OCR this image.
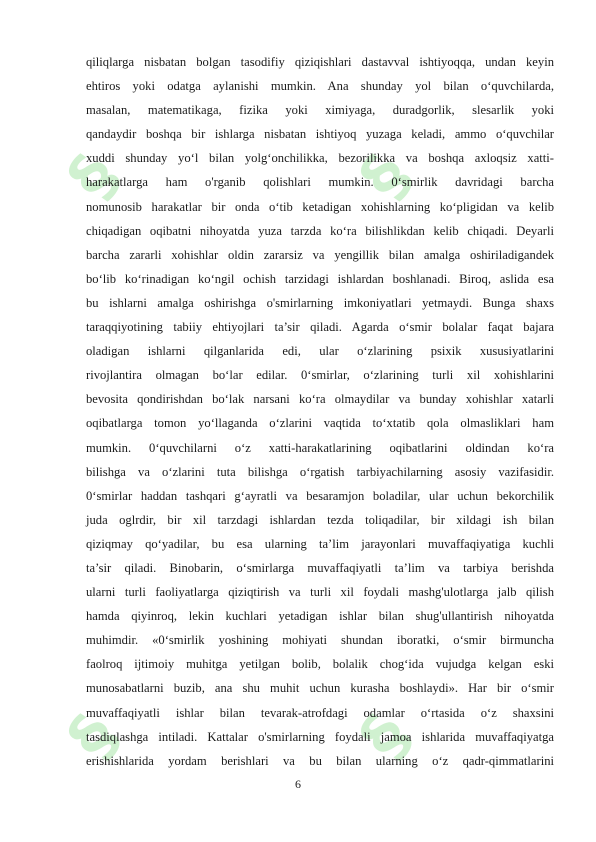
§	§
§	§
qiliqlarga nisbatan bolgan tasodifiy qiziqishlari dastavval ishtiyoqqa, undan keyin
ehtiros yoki odatga aylanishi mumkin. Ana shunday yol bilan o‘quvchilarda,
masalan, matematikaga, fizika yoki ximiyaga, duradgorlik, slesarlik yoki
qandaydir boshqa bir ishlarga nisbatan ishtiyoq yuzaga keladi, ammo o‘quvchilar
xuddi shunday yo‘l bilan yolg‘onchilikka, bezorilikka va boshqa axloqsiz xatti-
harakatlarga ham o'rganib qolishlari mumkin. 0‘smirlik davridagi barcha
nomunosib harakatlar bir onda o‘tib ketadigan xohishlarning ko‘pligidan va kelib
chiqadigan oqibatni nihoyatda yuza tarzda ko‘ra bilishlikdan kelib chiqadi. Deyarli
barcha zararli xohishlar oldin zararsiz va yengillik bilan amalga oshiriladigandek
bo‘lib ko‘rinadigan ko‘ngil ochish tarzidagi ishlardan boshlanadi. Biroq, aslida esa
bu ishlarni amalga oshirishga o'smirlarning imkoniyatlari yetmaydi. Bunga shaxs
taraqqiyotining tabiiy ehtiyojlari ta’sir qiladi. Agarda o‘smir bolalar faqat bajara
oladigan ishlarni qilganlarida edi, ular o‘zlarining psixik xususiyatlarini
rivojlantira olmagan bo‘lar edilar. 0‘smirlar, o‘zlarining turli xil xohishlarini
bevosita qondirishdan bo‘lak narsani ko‘ra olmaydilar va bunday xohishlar xatarli
oqibatlarga tomon yo‘llaganda o‘zlarini vaqtida to‘xtatib qola olmasliklari ham
mumkin. 0‘quvchilarni o‘z xatti-harakatlarining oqibatlarini oldindan ko‘ra
bilishga va o‘zlarini tuta bilishga o‘rgatish tarbiyachilarning asosiy vazifasidir.
0‘smirlar haddan tashqari g‘ayratli va besaramjon boladilar, ular uchun bekorchilik
juda oglrdir, bir xil tarzdagi ishlardan tezda toliqadilar, bir xildagi ish bilan
qiziqmay qo‘yadilar, bu esa ularning ta’lim jarayonlari muvaffaqiyatiga kuchli
ta’sir qiladi. Binobarin, o‘smirlarga muvaffaqiyatli ta’lim va tarbiya berishda
ularni turli faoliyatlarga qiziqtirish va turli xil foydali mashg'ulotlarga jalb qilish
hamda qiyinroq, lekin kuchlari yetadigan ishlar bilan shug'ullantirish nihoyatda
muhimdir. «0‘smirlik yoshining mohiyati shundan iboratki, o‘smir birmuncha
faolroq ijtimoiy muhitga yetilgan bolib, bolalik chog‘ida vujudga kelgan eski
munosabatlarni buzib, ana shu muhit uchun kurasha boshlaydi». Har bir o‘smir
muvaffaqiyatli ishlar bilan tevarak-atrofdagi odamlar o‘rtasida o‘z shaxsini
tasdiqlashga intiladi. Kattalar o'smirlarning foydali jamoa ishlarida muvaffaqiyatga
erishishlarida yordam berishlari va bu bilan ularning o‘z qadr-qimmatlarini
6
